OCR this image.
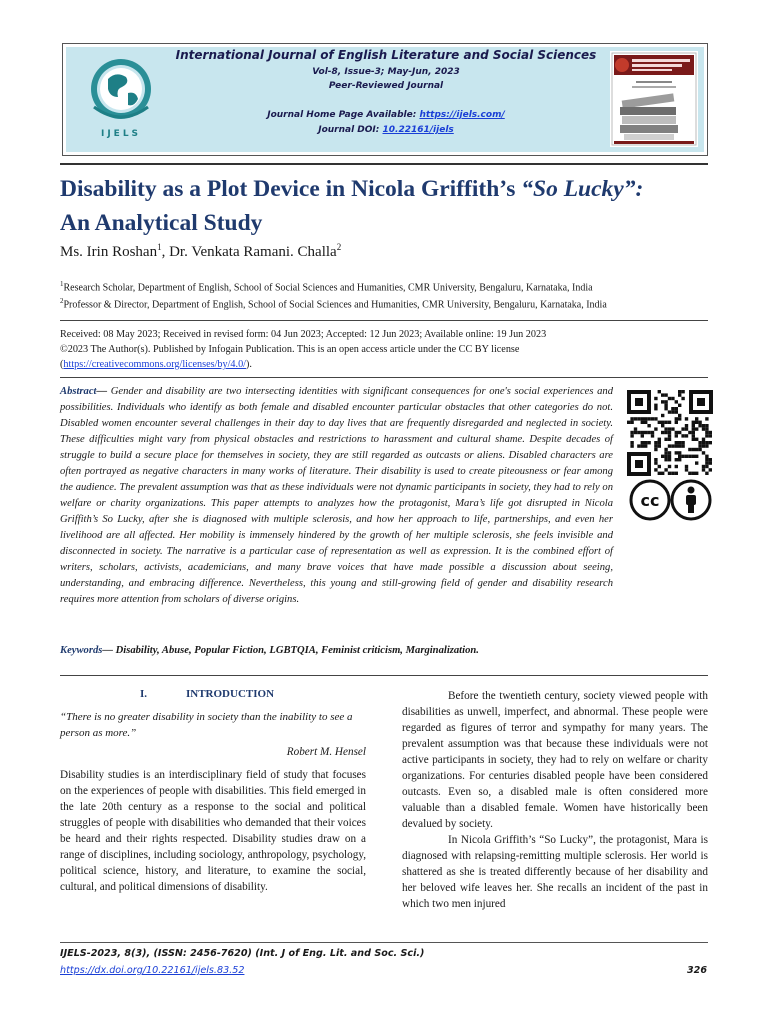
IJELS
International Journal of English Literature and Social Sciences
Vol-8, Issue-3; May-Jun, 2023
Peer-Reviewed Journal
Journal Home Page Available: https://ijels.com/
Journal DOI: 10.22161/ijels
Disability as a Plot Device in Nicola Griffith’s “So Lucky”:
An Analytical Study
Ms. Irin Roshan$^1$, Dr. Venkata Ramani. Challa$^2$
$^1$Research Scholar, Department of English, School of Social Sciences and Humanities, CMR University, Bengaluru, Karnataka, India
$^2$Professor & Director, Department of English, School of Social Sciences and Humanities, CMR University, Bengaluru, Karnataka, India
Received: 08 May 2023; Received in revised form: 04 Jun 2023; Accepted: 12 Jun 2023; Available online: 19 Jun 2023
©2023 The Author(s). Published by Infogain Publication. This is an open access article under the CC BY license
(https://creativecommons.org/licenses/by/4.0/).
Abstract— Gender and disability are two intersecting identities with significant consequences for one's social experiences and possibilities. Individuals who identify as both female and disabled encounter particular obstacles that other categories do not. Disabled women encounter several challenges in their day to day lives that are frequently disregarded and neglected in society. These difficulties might vary from physical obstacles and restrictions to harassment and cultural shame. Despite decades of struggle to build a secure place for themselves in society, they are still regarded as outcasts or aliens. Disabled characters are often portrayed as negative characters in many works of literature. Their disability is used to create piteousness or fear among the audience. The prevalent assumption was that as these individuals were not dynamic participants in society, they had to rely on welfare or charity organizations. This paper attempts to analyzes how the protagonist, Mara’s life got disrupted in Nicola Griffith’s So Lucky, after she is diagnosed with multiple sclerosis, and how her approach to life, partnerships, and even her livelihood are all affected. Her mobility is immensely hindered by the growth of her multiple sclerosis, she feels invisible and disconnected in society. The narrative is a particular case of representation as well as expression. It is the combined effort of writers, scholars, activists, academicians, and many brave voices that have made possible a discussion about seeing, understanding, and embracing difference. Nevertheless, this young and still-growing field of gender and disability research requires more attention from scholars of diverse origins.
Keywords— Disability, Abuse, Popular Fiction, LGBTQIA, Feminist criticism, Marginalization.
cc
I.	INTRODUCTION
“There is no greater disability in society than the inability to see a person as more.”
Robert M. Hensel

Disability studies is an interdisciplinary field of study that focuses on the experiences of people with disabilities. This field emerged in the late 20th century as a response to the social and political struggles of people with disabilities who demanded that their voices be heard and their rights respected. Disability studies draw on a range of disciplines, including sociology, anthropology, psychology, political science, history, and literature, to examine the social, cultural, and political dimensions of disability.

Before the twentieth century, society viewed people with disabilities as unwell, imperfect, and abnormal. These people were regarded as figures of terror and sympathy for many years. The prevalent assumption was that because these individuals were not active participants in society, they had to rely on welfare or charity organizations. For centuries disabled people have been considered outcasts. Even so, a disabled male is often considered more valuable than a disabled female. Women have historically been devalued by society.

In Nicola Griffith’s “So Lucky”, the protagonist, Mara is diagnosed with relapsing-remitting multiple sclerosis. Her world is shattered as she is treated differently because of her disability and her beloved wife leaves her. She recalls an incident of the past in which two men injured

IJELS-2023, 8(3), (ISSN: 2456-7620) (Int. J of Eng. Lit. and Soc. Sci.)
https://dx.doi.org/10.22161/ijels.83.52	326
